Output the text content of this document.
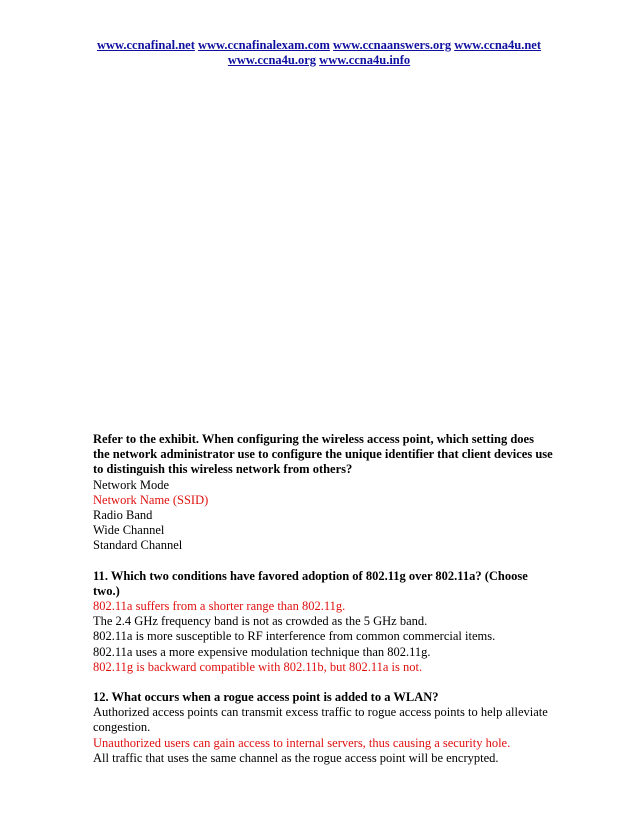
www.ccnafinal.net www.ccnafinalexam.com www.ccnaanswers.org www.ccna4u.net
www.ccna4u.org www.ccna4u.info
Refer to the exhibit. When configuring the wireless access point, which setting does the network administrator use to configure the unique identifier that client devices use to distinguish this wireless network from others?
Network Mode
Network Name (SSID)
Radio Band
Wide Channel
Standard Channel
11. Which two conditions have favored adoption of 802.11g over 802.11a? (Choose two.)
802.11a suffers from a shorter range than 802.11g.
The 2.4 GHz frequency band is not as crowded as the 5 GHz band.
802.11a is more susceptible to RF interference from common commercial items.
802.11a uses a more expensive modulation technique than 802.11g.
802.11g is backward compatible with 802.11b, but 802.11a is not.
12. What occurs when a rogue access point is added to a WLAN?
Authorized access points can transmit excess traffic to rogue access points to help alleviate congestion.
Unauthorized users can gain access to internal servers, thus causing a security hole.
All traffic that uses the same channel as the rogue access point will be encrypted.
